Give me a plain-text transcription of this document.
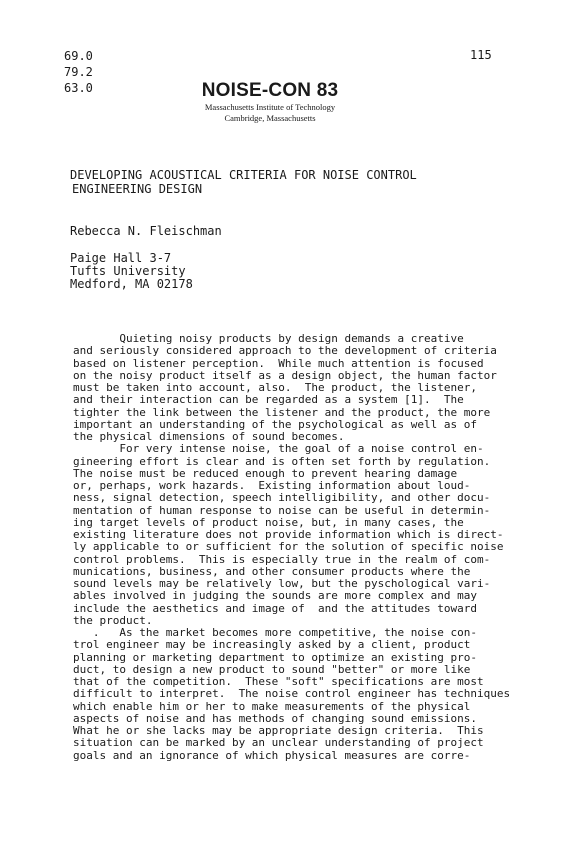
69.0
79.2
63.0
115
NOISE-CON 83
Massachusetts Institute of Technology
Cambridge, Massachusetts
DEVELOPING ACOUSTICAL CRITERIA FOR NOISE CONTROL
ENGINEERING DESIGN
Rebecca N. Fleischman
Paige Hall 3-7
Tufts University
Medford, MA 02178
Quieting noisy products by design demands a creative
and seriously considered approach to the development of criteria
based on listener perception.  While much attention is focused
on the noisy product itself as a design object, the human factor
must be taken into account, also.  The product, the listener,
and their interaction can be regarded as a system [1].  The
tighter the link between the listener and the product, the more
important an understanding of the psychological as well as of
the physical dimensions of sound becomes.
For very intense noise, the goal of a noise control en-
gineering effort is clear and is often set forth by regulation.
The noise must be reduced enough to prevent hearing damage
or, perhaps, work hazards.  Existing information about loud-
ness, signal detection, speech intelligibility, and other docu-
mentation of human response to noise can be useful in determin-
ing target levels of product noise, but, in many cases, the
existing literature does not provide information which is direct-
ly applicable to or sufficient for the solution of specific noise
control problems.  This is especially true in the realm of com-
munications, business, and other consumer products where the
sound levels may be relatively low, but the pyschological vari-
ables involved in judging the sounds are more complex and may
include the aesthetics and image of  and the attitudes toward
the product.
.   As the market becomes more competitive, the noise con-
trol engineer may be increasingly asked by a client, product
planning or marketing department to optimize an existing pro-
duct, to design a new product to sound "better" or more like
that of the competition.  These "soft" specifications are most
difficult to interpret.  The noise control engineer has techniques
which enable him or her to make measurements of the physical
aspects of noise and has methods of changing sound emissions.
What he or she lacks may be appropriate design criteria.  This
situation can be marked by an unclear understanding of project
goals and an ignorance of which physical measures are corre-
